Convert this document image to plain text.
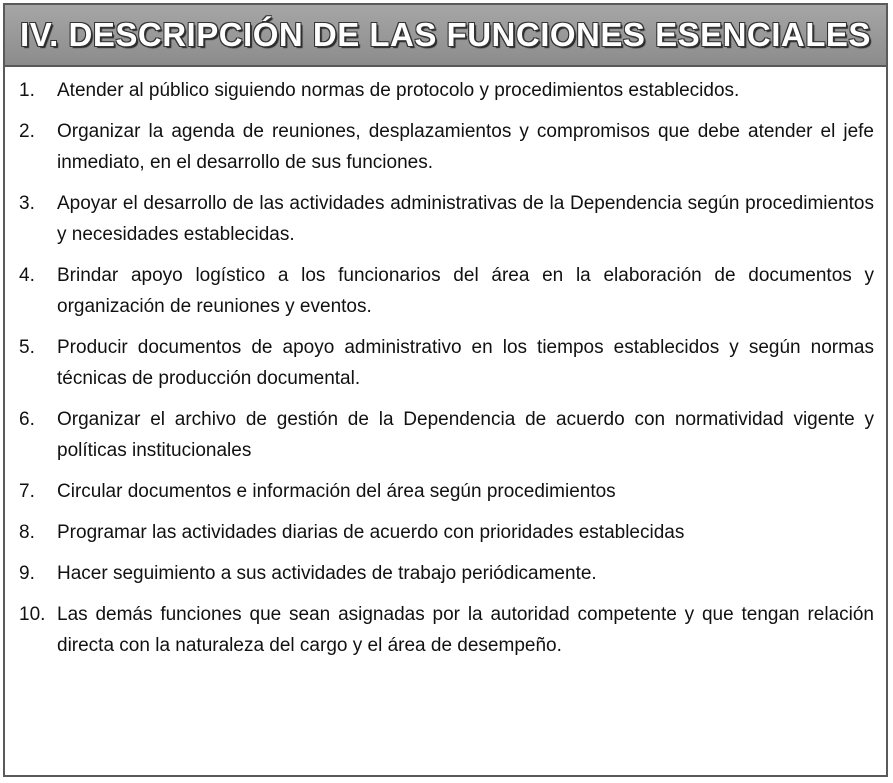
IV. DESCRIPCIÓN DE LAS FUNCIONES ESENCIALES
1.	Atender al público siguiendo normas de protocolo y procedimientos establecidos.
2.	Organizar la agenda de reuniones, desplazamientos y compromisos que debe atender el jefe inmediato, en el desarrollo de sus funciones.
3.	Apoyar el desarrollo de las actividades administrativas de la Dependencia según procedimientos y necesidades establecidas.
4.	Brindar apoyo logístico a los funcionarios del área en la elaboración de documentos y organización de reuniones y eventos.
5.	Producir documentos de apoyo administrativo en los tiempos establecidos y según normas técnicas de producción documental.
6.	Organizar el archivo de gestión de la Dependencia de acuerdo con normatividad vigente y políticas institucionales
7.	Circular documentos e información del área según procedimientos
8.	Programar las actividades diarias de acuerdo con prioridades establecidas
9.	Hacer seguimiento a sus actividades de trabajo periódicamente.
10. Las demás funciones que sean asignadas por la autoridad competente y que tengan relación directa con la naturaleza del cargo y el área de desempeño.
